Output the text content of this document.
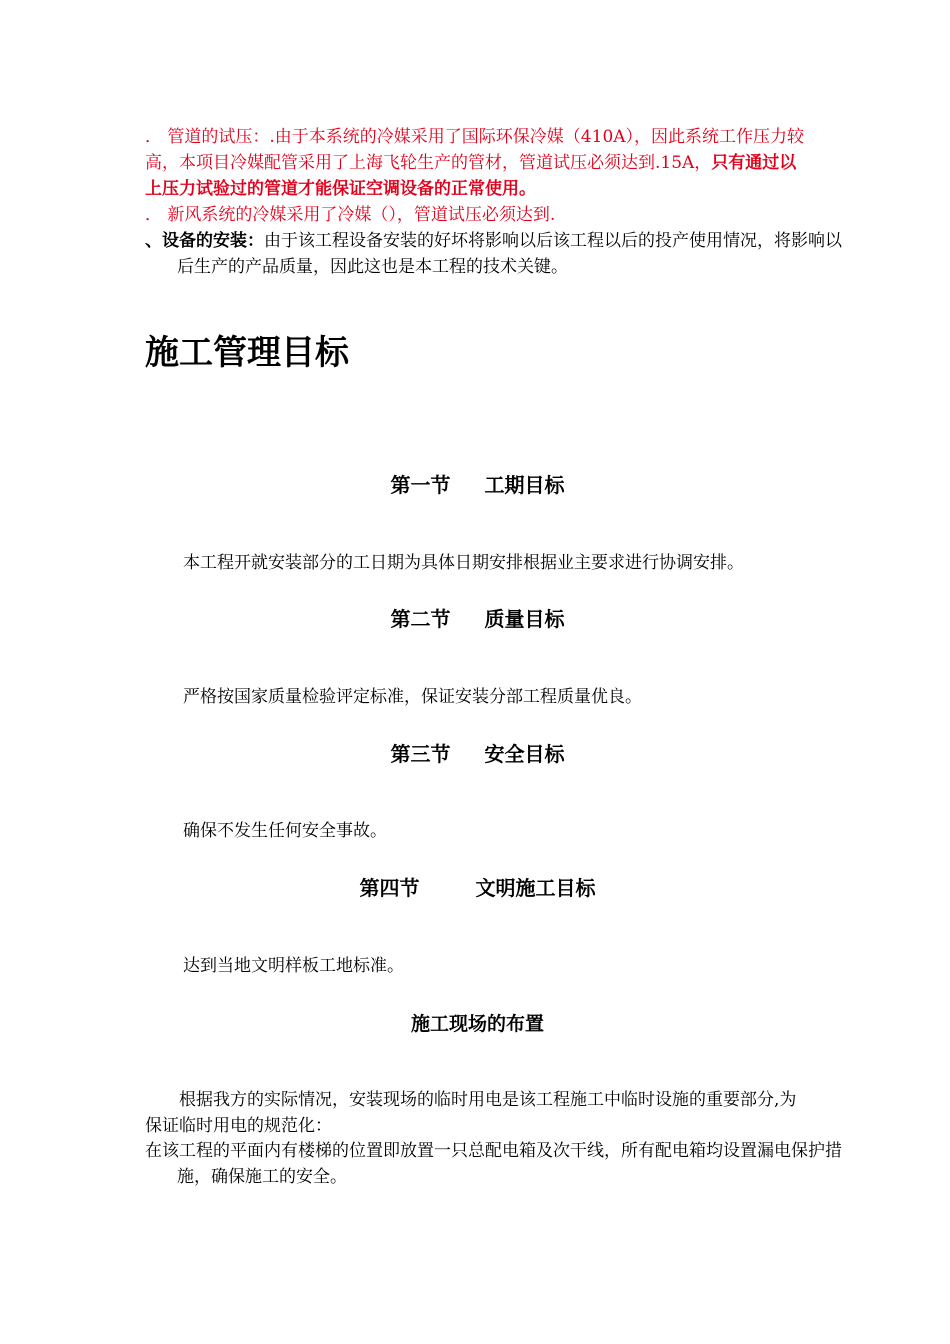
． 管道的试压：.由于本系统的冷媒采用了国际环保冷媒（410A），因此系统工作压力较高，本项目冷媒配管采用了上海飞轮生产的管材，管道试压必须达到.15A，只有通过以上压力试验过的管道才能保证空调设备的正常使用。

． 新风系统的冷媒采用了冷媒（），管道试压必须达到.

、设备的安装：由于该工程设备安装的好坏将影响以后该工程以后的投产使用情况，将影响以后生产的产品质量，因此这也是本工程的技术关键。

施工管理目标
第一节 工期目标

本工程开就安装部分的工日期为具体日期安排根据业主要求进行协调安排。

第二节 质量目标

严格按国家质量检验评定标准，保证安装分部工程质量优良。

第三节 安全目标

确保不发生任何安全事故。

第四节	文明施工目标

达到当地文明样板工地标准。

施工现场的布置

根据我方的实际情况，安装现场的临时用电是该工程施工中临时设施的重要部分,为保证临时用电的规范化：

在该工程的平面内有楼梯的位置即放置一只总配电箱及次干线，所有配电箱均设置漏电保护措施，确保施工的安全。
